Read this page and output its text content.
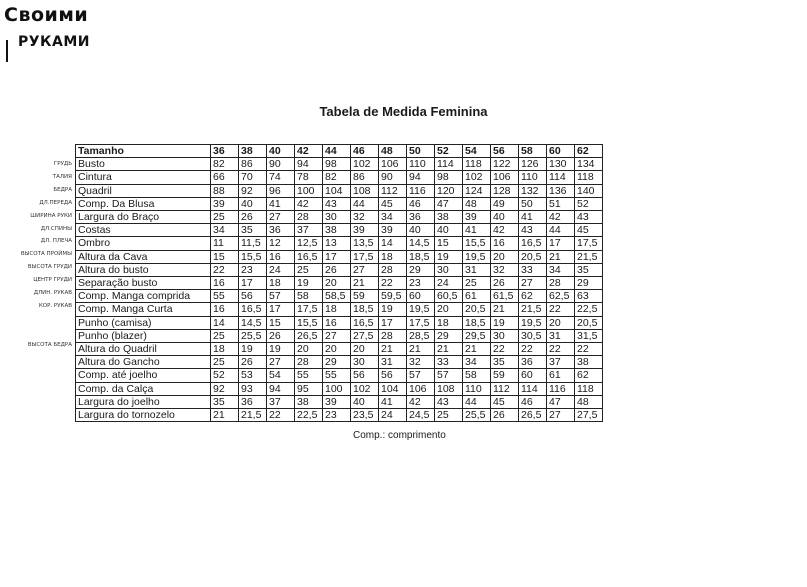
Своими
РУКАМИ
Tabela de Medida Feminina
ГРУДЬ
ТАЛИЯ
БЕДРА
ДЛ.ПЕРЕДА
ШИРИНА РУКИ
ДЛ.СПИНЫ
ДЛ. ПЛЕЧА
ВЫСОТА ПРОЙМЫ
ВЫСОТА ГРУДИ
ЦЕНТР ГРУДИ
ДЛИН. РУКАВ
КОР. РУКАВ
ВЫСОТА БЕДРА
Tamanho	36	38	40	42	44	46	48	50	52	54	56	58	60	62
Busto	82	86	90	94	98	102	106	110	114	118	122	126	130	134
Cintura	66	70	74	78	82	86	90	94	98	102	106	110	114	118
Quadril	88	92	96	100	104	108	112	116	120	124	128	132	136	140
Comp. Da Blusa	39	40	41	42	43	44	45	46	47	48	49	50	51	52
Largura do Braço	25	26	27	28	30	32	34	36	38	39	40	41	42	43
Costas	34	35	36	37	38	39	39	40	40	41	42	43	44	45
Ombro	11	11,5	12	12,5	13	13,5	14	14,5	15	15,5	16	16,5	17	17,5
Altura da Cava	15	15,5	16	16,5	17	17,5	18	18,5	19	19,5	20	20,5	21	21,5
Altura do busto	22	23	24	25	26	27	28	29	30	31	32	33	34	35
Separação busto	16	17	18	19	20	21	22	23	24	25	26	27	28	29
Comp. Manga comprida	55	56	57	58	58,5	59	59,5	60	60,5	61	61,5	62	62,5	63
Comp. Manga Curta	16	16,5	17	17,5	18	18,5	19	19,5	20	20,5	21	21,5	22	22,5
Punho (camisa)	14	14,5	15	15,5	16	16,5	17	17,5	18	18,5	19	19,5	20	20,5
Punho (blazer)	25	25,5	26	26,5	27	27,5	28	28,5	29	29,5	30	30,5	31	31,5
Altura do Quadril	18	19	19	20	20	20	21	21	21	21	22	22	22	22
Altura do Gancho	25	26	27	28	29	30	31	32	33	34	35	36	37	38
Comp. até joelho	52	53	54	55	55	56	56	57	57	58	59	60	61	62
Comp. da Calça	92	93	94	95	100	102	104	106	108	110	112	114	116	118
Largura do joelho	35	36	37	38	39	40	41	42	43	44	45	46	47	48
Largura do tornozelo	21	21,5	22	22,5	23	23,5	24	24,5	25	25,5	26	26,5	27	27,5
Comp.: comprimento
